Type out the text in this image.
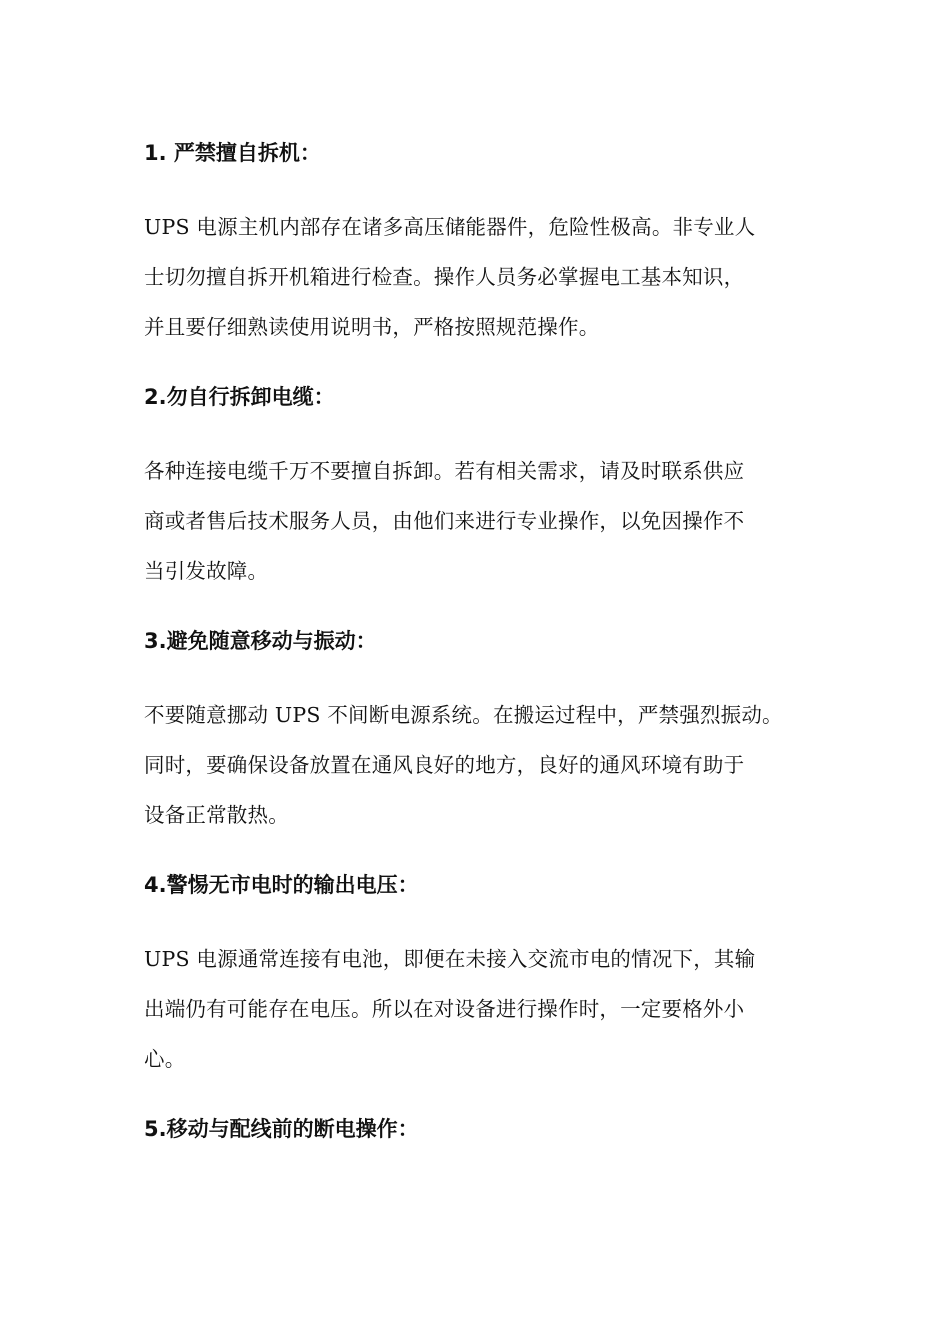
1. 严禁擅自拆机：

UPS 电源主机内部存在诸多高压储能器件，危险性极高。非专业人
士切勿擅自拆开机箱进行检查。操作人员务必掌握电工基本知识，
并且要仔细熟读使用说明书，严格按照规范操作。

2.勿自行拆卸电缆：

各种连接电缆千万不要擅自拆卸。若有相关需求，请及时联系供应
商或者售后技术服务人员，由他们来进行专业操作，以免因操作不
当引发故障。

3.避免随意移动与振动：

不要随意挪动 UPS 不间断电源系统。在搬运过程中，严禁强烈振动。
同时，要确保设备放置在通风良好的地方，良好的通风环境有助于
设备正常散热。

4.警惕无市电时的输出电压：

UPS 电源通常连接有电池，即便在未接入交流市电的情况下，其输
出端仍有可能存在电压。所以在对设备进行操作时，一定要格外小
心。

5.移动与配线前的断电操作：
